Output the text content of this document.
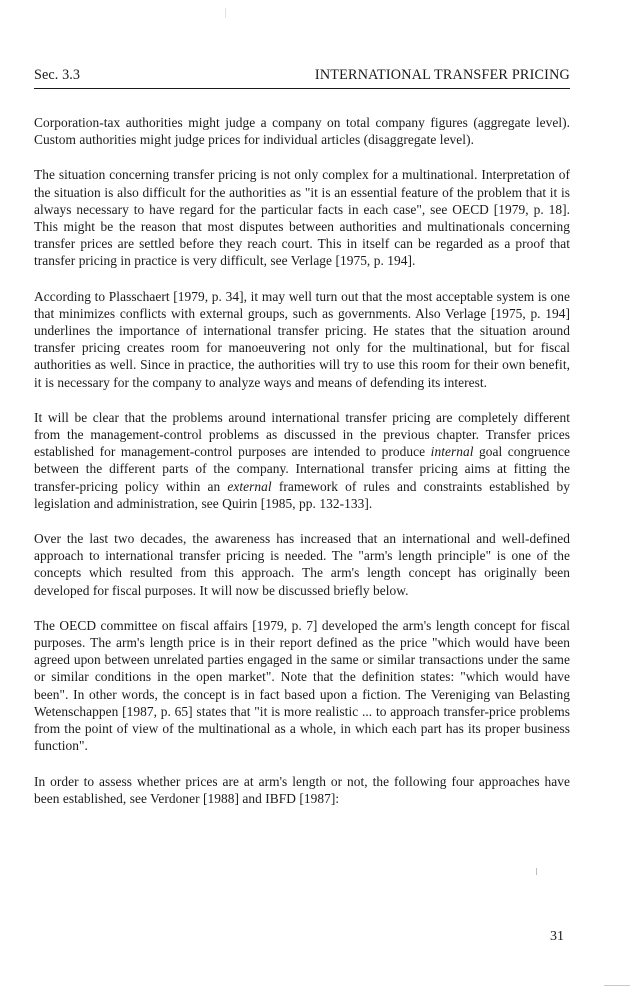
Sec. 3.3	INTERNATIONAL TRANSFER PRICING

Corporation-tax authorities might judge a company on total company figures (aggregate level). Custom authorities might judge prices for individual articles (disaggregate level).

The situation concerning transfer pricing is not only complex for a multinational. Interpretation of the situation is also difficult for the authorities as "it is an essential feature of the problem that it is always necessary to have regard for the particular facts in each case", see OECD [1979, p. 18]. This might be the reason that most disputes between authorities and multinationals concerning transfer prices are settled before they reach court. This in itself can be regarded as a proof that transfer pricing in practice is very difficult, see Verlage [1975, p. 194].

According to Plasschaert [1979, p. 34], it may well turn out that the most acceptable system is one that minimizes conflicts with external groups, such as governments. Also Verlage [1975, p. 194] underlines the importance of international transfer pricing. He states that the situation around transfer pricing creates room for manoeuvering not only for the multinational, but for fiscal authorities as well. Since in practice, the authorities will try to use this room for their own benefit, it is necessary for the company to analyze ways and means of defending its interest.

It will be clear that the problems around international transfer pricing are completely different from the management-control problems as discussed in the previous chapter. Transfer prices established for management-control purposes are intended to produce internal goal congruence between the different parts of the company. International transfer pricing aims at fitting the transfer-pricing policy within an external framework of rules and constraints established by legislation and administration, see Quirin [1985, pp. 132-133].

Over the last two decades, the awareness has increased that an international and well-defined approach to international transfer pricing is needed. The "arm's length principle" is one of the concepts which resulted from this approach. The arm's length concept has originally been developed for fiscal purposes. It will now be discussed briefly below.

The OECD committee on fiscal affairs [1979, p. 7] developed the arm's length concept for fiscal purposes. The arm's length price is in their report defined as the price "which would have been agreed upon between unrelated parties engaged in the same or similar transactions under the same or similar conditions in the open market". Note that the definition states: "which would have been". In other words, the concept is in fact based upon a fiction. The Vereniging van Belasting Wetenschappen [1987, p. 65] states that "it is more realistic ... to approach transfer-price problems from the point of view of the multinational as a whole, in which each part has its proper business function".

In order to assess whether prices are at arm's length or not, the following four approaches have been established, see Verdoner [1988] and IBFD [1987]:

31
